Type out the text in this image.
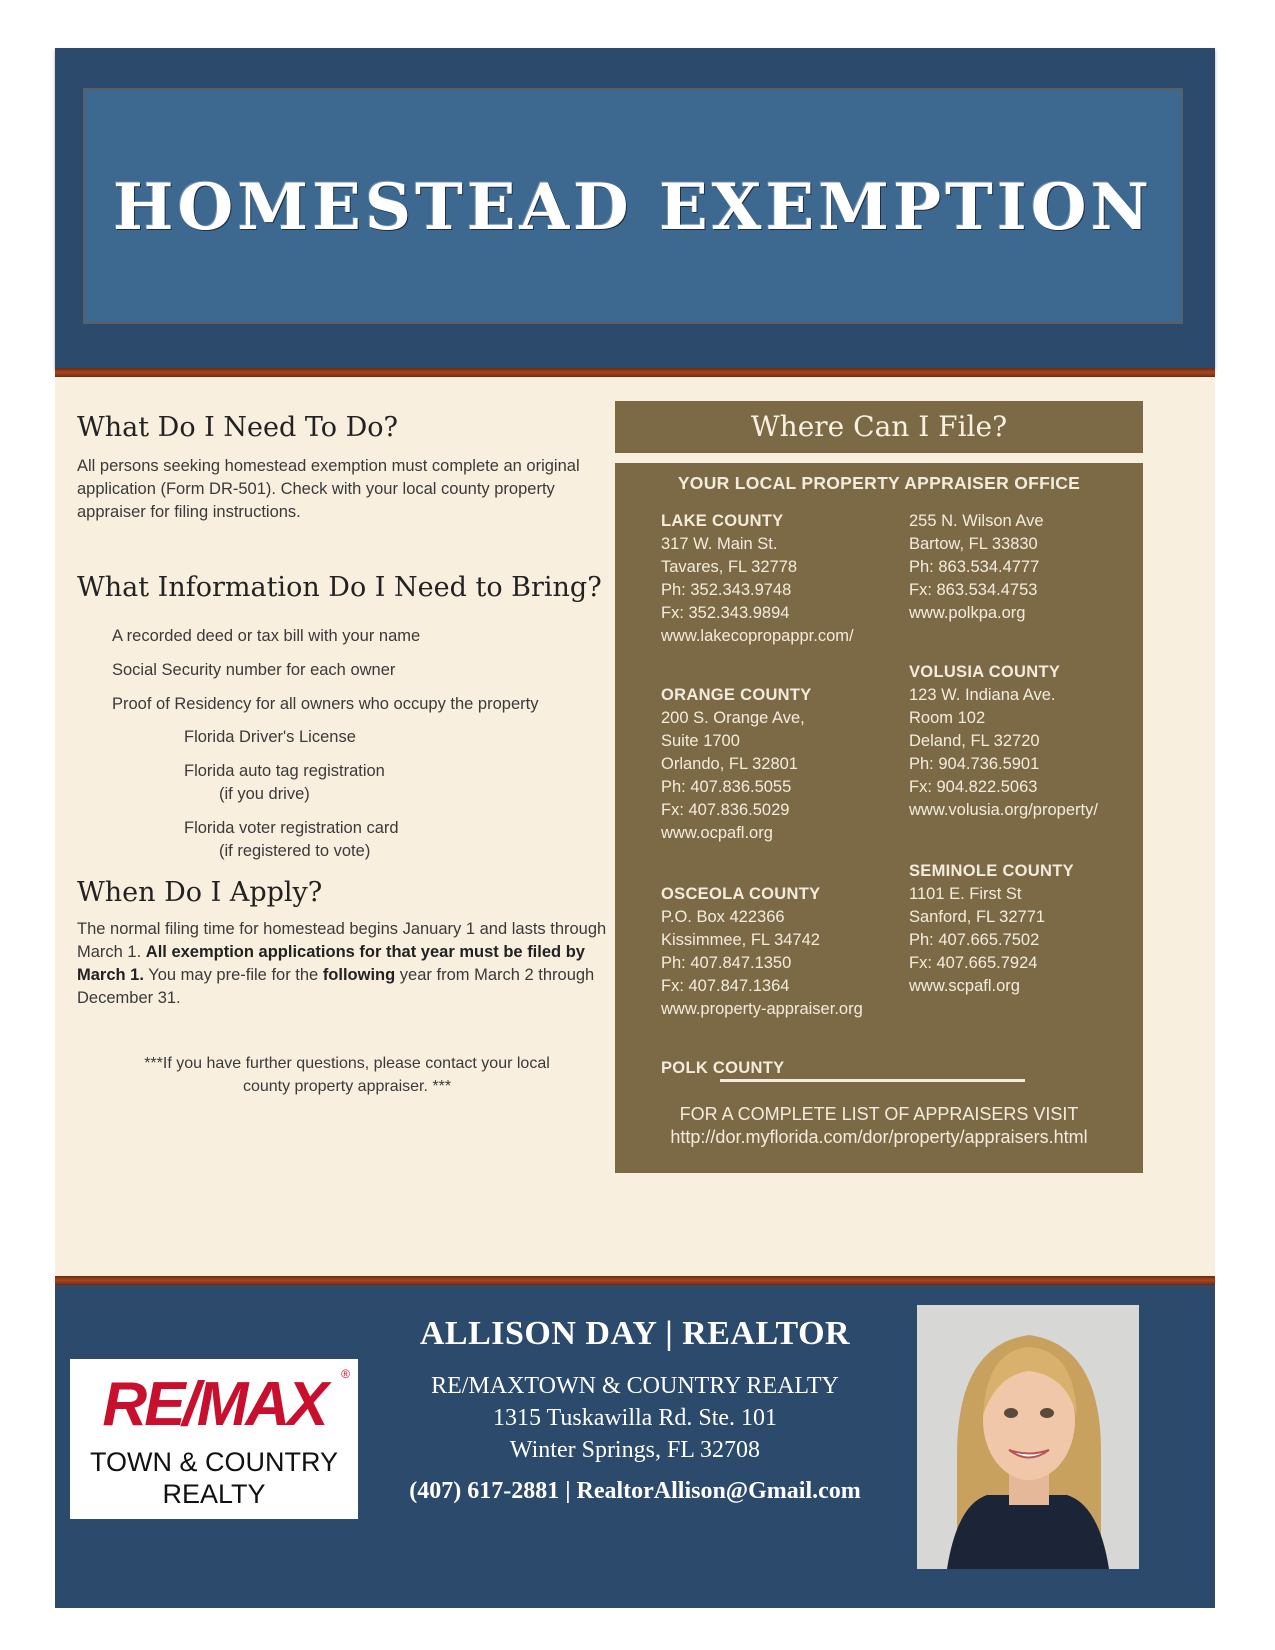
HOMESTEAD EXEMPTION
What Do I Need To Do?
All persons seeking homestead exemption must complete an original application (Form DR-501). Check with your local county property appraiser for filing instructions.
What Information Do I Need to Bring?
A recorded deed or tax bill with your name
Social Security number for each owner
Proof of Residency for all owners who occupy the property
Florida Driver's License
Florida auto tag registration
(if you drive)
Florida voter registration card
(if registered to vote)
When Do I Apply?
The normal filing time for homestead begins January 1 and lasts through March 1. All exemption applications for that year must be filed by March 1. You may pre-file for the following year from March 2 through December 31.
***If you have further questions, please contact your local
county property appraiser. ***
Where Can I File?
YOUR LOCAL PROPERTY APPRAISER OFFICE
LAKE COUNTY
317 W. Main St.
Tavares, FL 32778
Ph: 352.343.9748
Fx: 352.343.9894
www.lakecopropappr.com/
ORANGE COUNTY
200 S. Orange Ave,
Suite 1700
Orlando, FL 32801
Ph: 407.836.5055
Fx: 407.836.5029
www.ocpafl.org
OSCEOLA COUNTY
P.O. Box 422366
Kissimmee, FL 34742
Ph: 407.847.1350
Fx: 407.847.1364
www.property-appraiser.org
POLK COUNTY
255 N. Wilson Ave
Bartow, FL 33830
Ph: 863.534.4777
Fx: 863.534.4753
www.polkpa.org
VOLUSIA COUNTY
123 W. Indiana Ave.
Room 102
Deland, FL 32720
Ph: 904.736.5901
Fx: 904.822.5063
www.volusia.org/property/
SEMINOLE COUNTY
1101 E. First St
Sanford, FL 32771
Ph: 407.665.7502
Fx: 407.665.7924
www.scpafl.org
FOR A COMPLETE LIST OF APPRAISERS VISIT
http://dor.myflorida.com/dor/property/appraisers.html
RE/MAX	®
TOWN & COUNTRY
REALTY
ALLISON DAY | REALTOR
RE/MAXTOWN & COUNTRY REALTY
1315 Tuskawilla Rd. Ste. 101
Winter Springs, FL 32708
(407) 617-2881 | RealtorAllison@Gmail.com
